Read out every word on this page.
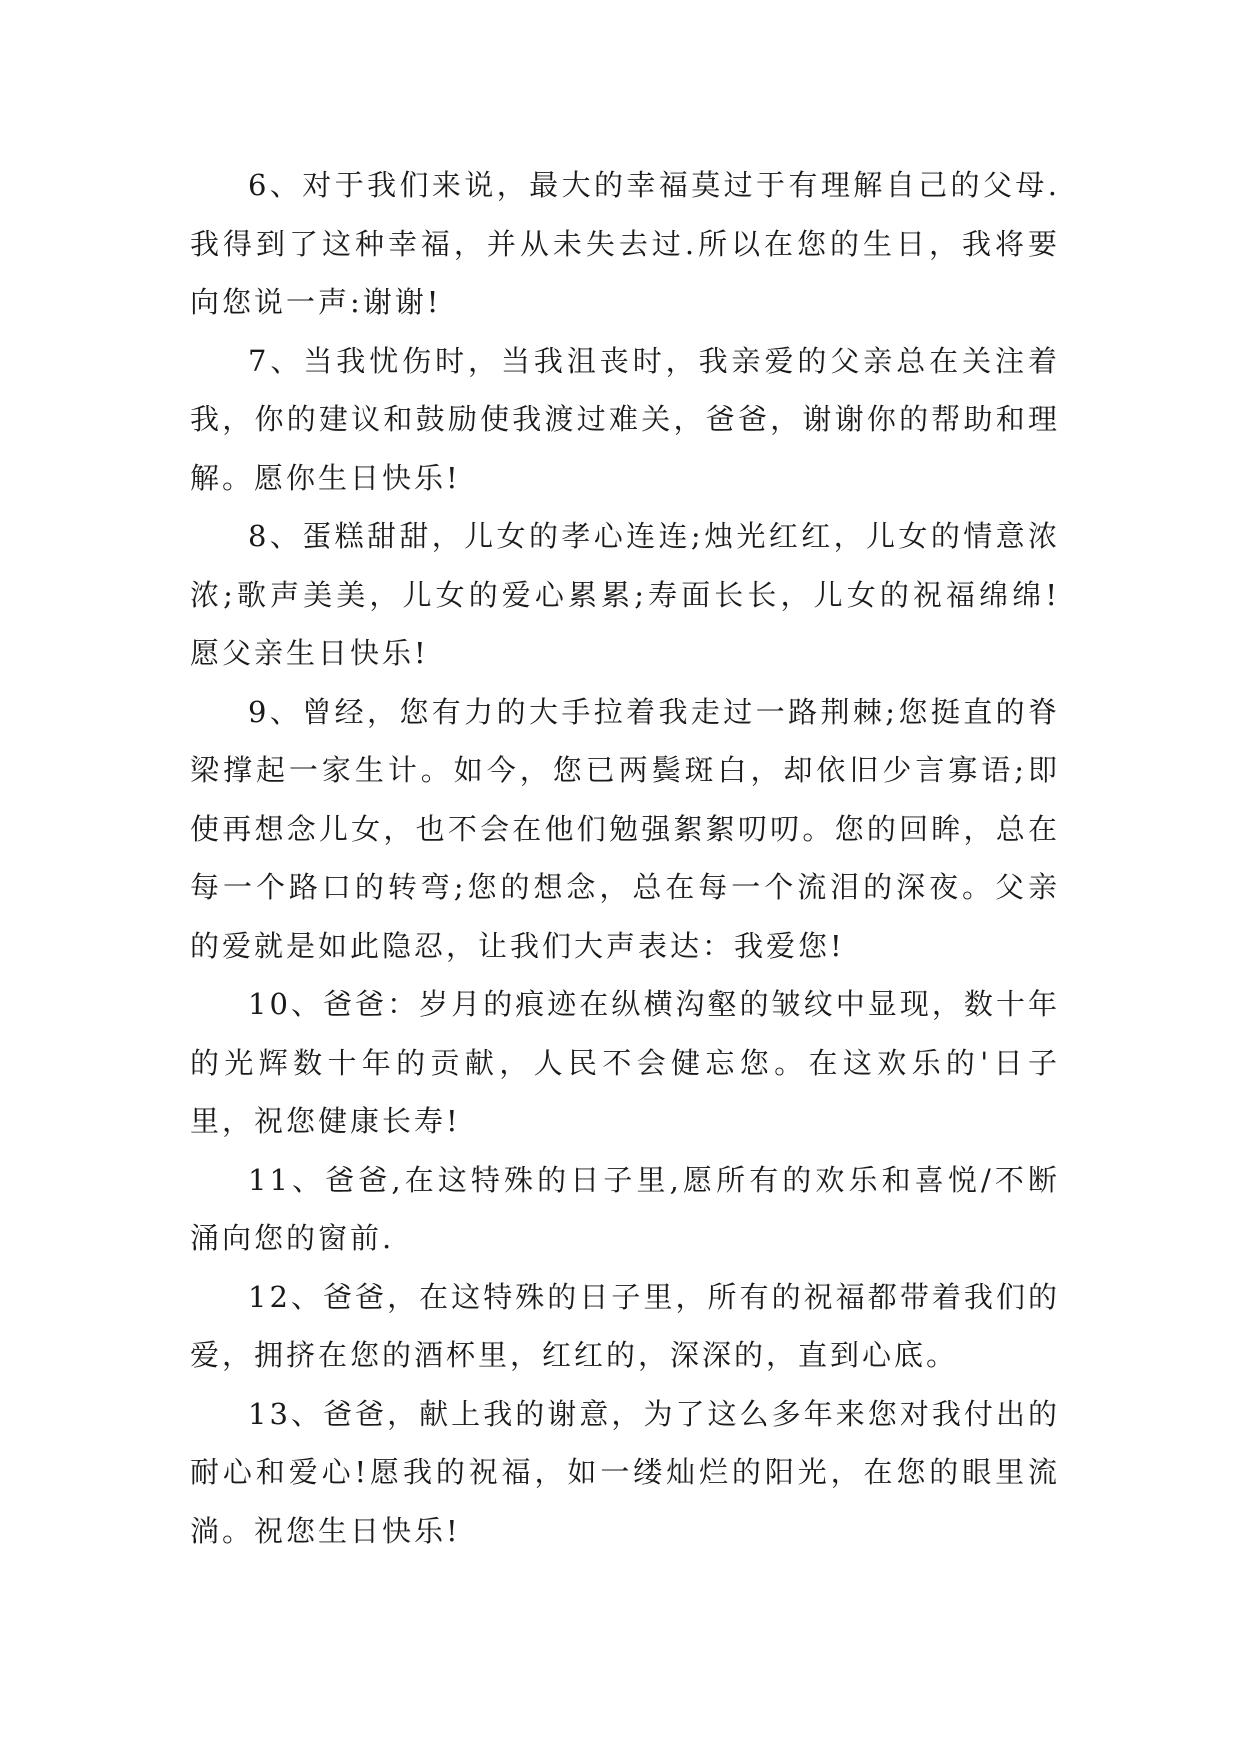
6、对于我们来说，最大的幸福莫过于有理解自己的父母.我得到了这种幸福，并从未失去过.所以在您的生日，我将要向您说一声:谢谢!

7、当我忧伤时，当我沮丧时，我亲爱的父亲总在关注着我，你的建议和鼓励使我渡过难关，爸爸，谢谢你的帮助和理解。愿你生日快乐!

8、蛋糕甜甜，儿女的孝心连连;烛光红红，儿女的情意浓浓;歌声美美，儿女的爱心累累;寿面长长，儿女的祝福绵绵!愿父亲生日快乐!

9、曾经，您有力的大手拉着我走过一路荆棘;您挺直的脊梁撑起一家生计。如今，您已两鬓斑白，却依旧少言寡语;即使再想念儿女，也不会在他们勉强絮絮叨叨。您的回眸，总在每一个路口的转弯;您的想念，总在每一个流泪的深夜。父亲的爱就是如此隐忍，让我们大声表达：我爱您!

10、爸爸：岁月的痕迹在纵横沟壑的皱纹中显现，数十年的光辉数十年的贡献，人民不会健忘您。在这欢乐的'日子里，祝您健康长寿!

11、爸爸,在这特殊的日子里,愿所有的欢乐和喜悦/不断涌向您的窗前.

12、爸爸，在这特殊的日子里，所有的祝福都带着我们的爱，拥挤在您的酒杯里，红红的，深深的，直到心底。

13、爸爸，献上我的谢意，为了这么多年来您对我付出的耐心和爱心!愿我的祝福，如一缕灿烂的阳光，在您的眼里流淌。祝您生日快乐!
